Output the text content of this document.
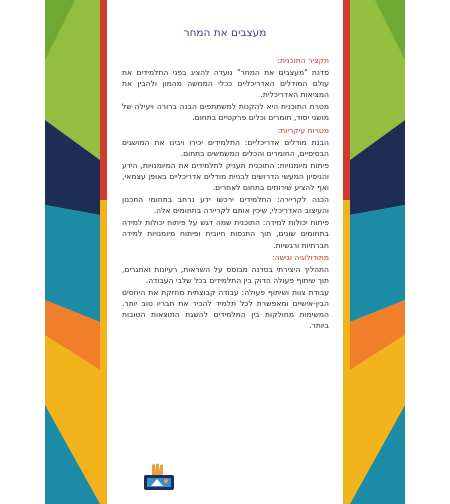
מעצבים את המחר

תקציר התוכנית:

סדנת "מעצבים את המחר" נועדה להציג בפני התלמידים את עולם המודלים האדריכליים ככלי המחשה מהמון ולהבין את המציאות האדריכלית.

מטרת התוכנית היא להקנות למשתתפים הבנה ברורה ויעילה של מושגי יסוד, חומרים וכלים פרקטיים בתחום.

מטרות עיקריות:

הבנת מודלים אדריכליים: התלמידים יכירו ויבינו את המושגים הבסיסיים, החומרים והכלים המשמשים בתחום.

פיתוח מיומנויות: התוכנית תעניק לתלמידים את המיומנויות, הידע והניסיון המעשי הדרושים לבניית מודלים אדריכליים באופן עצמאי, ואף להציע שירותים בתחום לאחרים.

הכנה לקריירה: התלמידים ירכשו ידע נרחב בתחומי התכנון והעיצוב האדריכלי, שיכין אותם לקריירה בתחומים אלה.

פיתוח יכולות למידה: התוכנית שמה דגש על פיתוח יכולות למידה בתחומים שונים, תוך התנסות חיובית ופיתוח מיומנויות למידה חברתיות ורגשיות.

מתודולוגיה וגישה:

התהליך היצירתי בסדנה מבוסס על השראות, רעיונות ואתגרים, תוך שיתוף פעולה הדוק בין התלמידים בכל שלבי העבודה.

עבודת צוות ושיתוף פעולה: עבודה קבוצתית מחזקת את היחסים הבין-אישיים ומאפשרת לכל תלמיד להכיר את חבריו טוב יותר. המשימות מחולקות בין התלמידים להשגת התוצאות הטובות ביותר.
